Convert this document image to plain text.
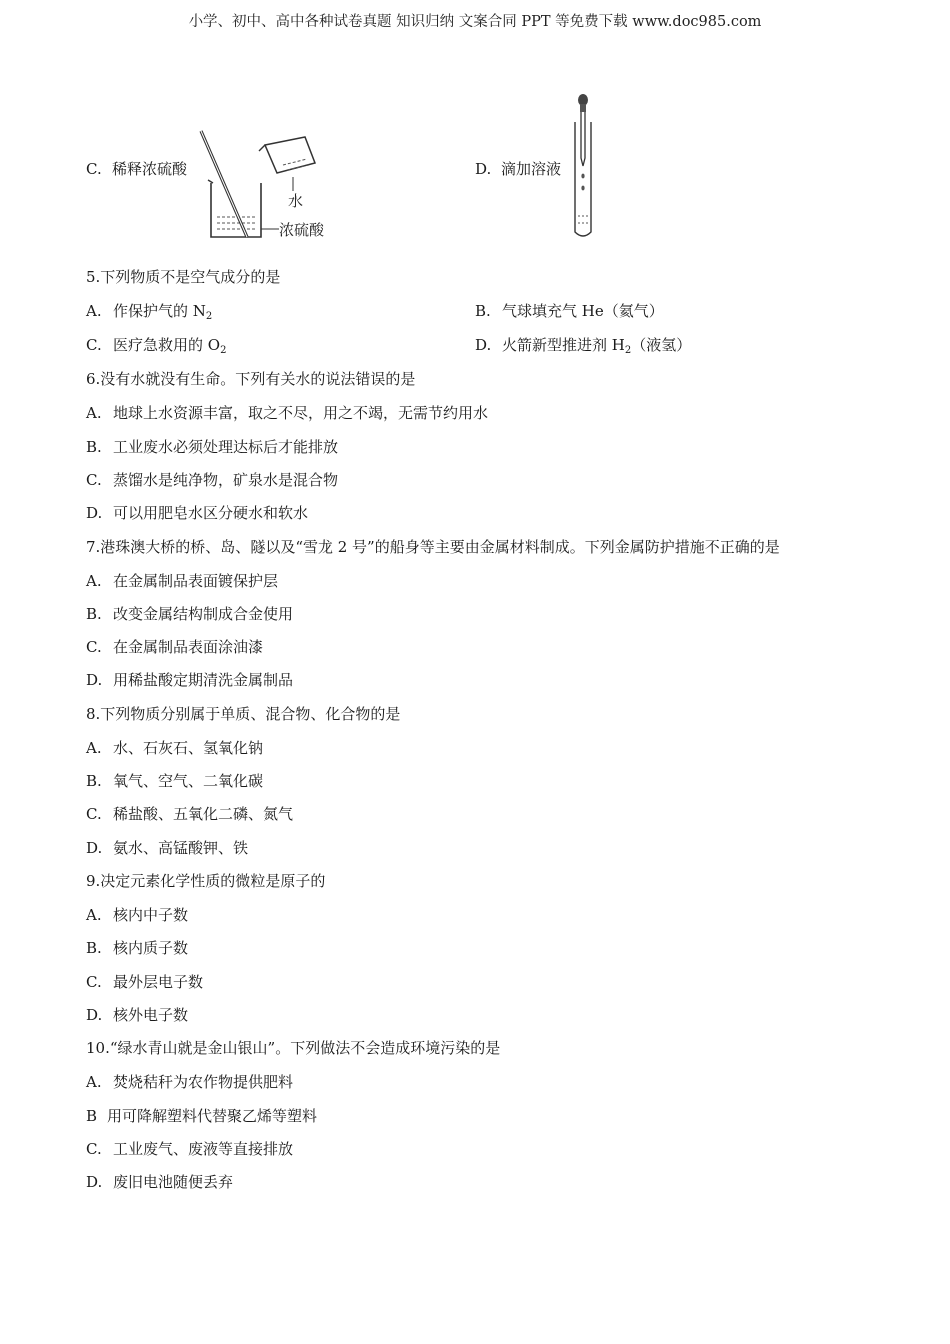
小学、初中、高中各种试卷真题 知识归纳 文案合同 PPT 等免费下载 www.doc985.com
C. 稀释浓硫酸
水
浓硫酸
D. 滴加溶液
5.下列物质不是空气成分的是
A. 作保护气的 $N_2$	B. 气球填充气 He（氦气）
C. 医疗急救用的 $O_2$	D. 火箭新型推进剂 $H_2$（液氢）
6.没有水就没有生命。下列有关水的说法错误的是
A. 地球上水资源丰富，取之不尽，用之不竭，无需节约用水
B. 工业废水必须处理达标后才能排放
C. 蒸馏水是纯净物，矿泉水是混合物
D. 可以用肥皂水区分硬水和软水
7.港珠澳大桥的桥、岛、隧以及“雪龙 2 号”的船身等主要由金属材料制成。下列金属防护措施不正确的是
A. 在金属制品表面镀保护层
B. 改变金属结构制成合金使用
C. 在金属制品表面涂油漆
D. 用稀盐酸定期清洗金属制品
8.下列物质分别属于单质、混合物、化合物的是
A. 水、石灰石、氢氧化钠
B. 氧气、空气、二氧化碳
C. 稀盐酸、五氧化二磷、氮气
D. 氨水、高锰酸钾、铁
9.决定元素化学性质的微粒是原子的
A. 核内中子数
B. 核内质子数
C. 最外层电子数
D. 核外电子数
10.“绿水青山就是金山银山”。下列做法不会造成环境污染的是
A. 焚烧秸秆为农作物提供肥料
B 用可降解塑料代替聚乙烯等塑料
C. 工业废气、废液等直接排放
D. 废旧电池随便丢弃
